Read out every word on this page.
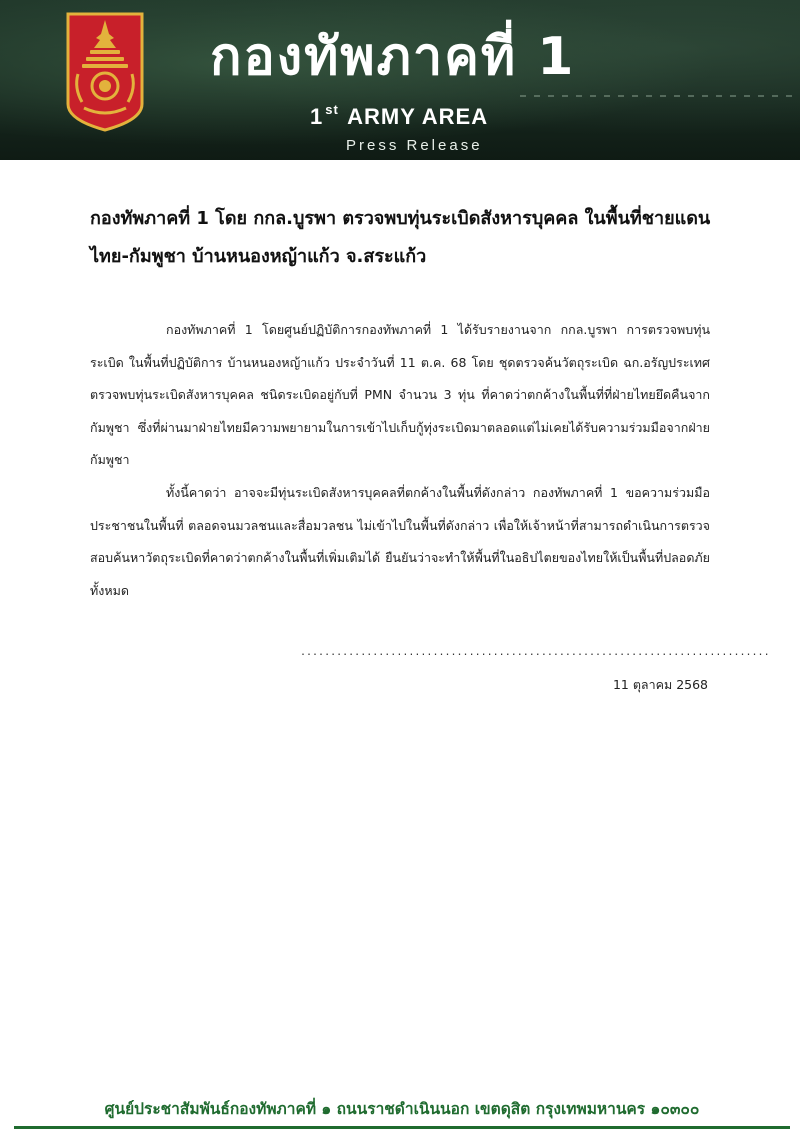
กองทัพภาคที่ 1
1 $^{st}$ ARMY AREA
Press Release
กองทัพภาคที่ 1 โดย กกล.บูรพา ตรวจพบทุ่นระเบิดสังหารบุคคล ในพื้นที่ชายแดนไทย-กัมพูชา บ้านหนองหญ้าแก้ว จ.สระแก้ว
กองทัพภาคที่ 1 โดยศูนย์ปฏิบัติการกองทัพภาคที่ 1 ได้รับรายงานจาก กกล.บูรพา การตรวจพบทุ่นระเบิด ในพื้นที่ปฏิบัติการ บ้านหนองหญ้าแก้ว ประจำวันที่ 11 ต.ค. 68 โดย ชุดตรวจค้นวัตถุระเบิด ฉก.อรัญประเทศ ตรวจพบทุ่นระเบิดสังหารบุคคล ชนิดระเบิดอยู่กับที่ PMN จำนวน 3 ทุ่น ที่คาดว่าตกค้างในพื้นที่ที่ฝ่ายไทยยึดคืนจากกัมพูชา ซึ่งที่ผ่านมาฝ่ายไทยมีความพยายามในการเข้าไปเก็บกู้ทุ่งระเบิดมาตลอดแต่ไม่เคยได้รับความร่วมมือจากฝ่ายกัมพูชา
ทั้งนี้คาดว่า อาจจะมีทุ่นระเบิดสังหารบุคคลที่ตกค้างในพื้นที่ดังกล่าว กองทัพภาคที่ 1 ขอความร่วมมือประชาชนในพื้นที่ ตลอดจนมวลชนและสื่อมวลชน ไม่เข้าไปในพื้นที่ดังกล่าว เพื่อให้เจ้าหน้าที่สามารถดำเนินการตรวจสอบค้นหาวัตถุระเบิดที่คาดว่าตกค้างในพื้นที่เพิ่มเติมได้ ยืนยันว่าจะทำให้พื้นที่ในอธิปไตยของไทยให้เป็นพื้นที่ปลอดภัยทั้งหมด
..............................................................................
11 ตุลาคม 2568
ศูนย์ประชาสัมพันธ์กองทัพภาคที่ ๑ ถนนราชดำเนินนอก เขตดุสิต กรุงเทพมหานคร ๑๐๓๐๐
